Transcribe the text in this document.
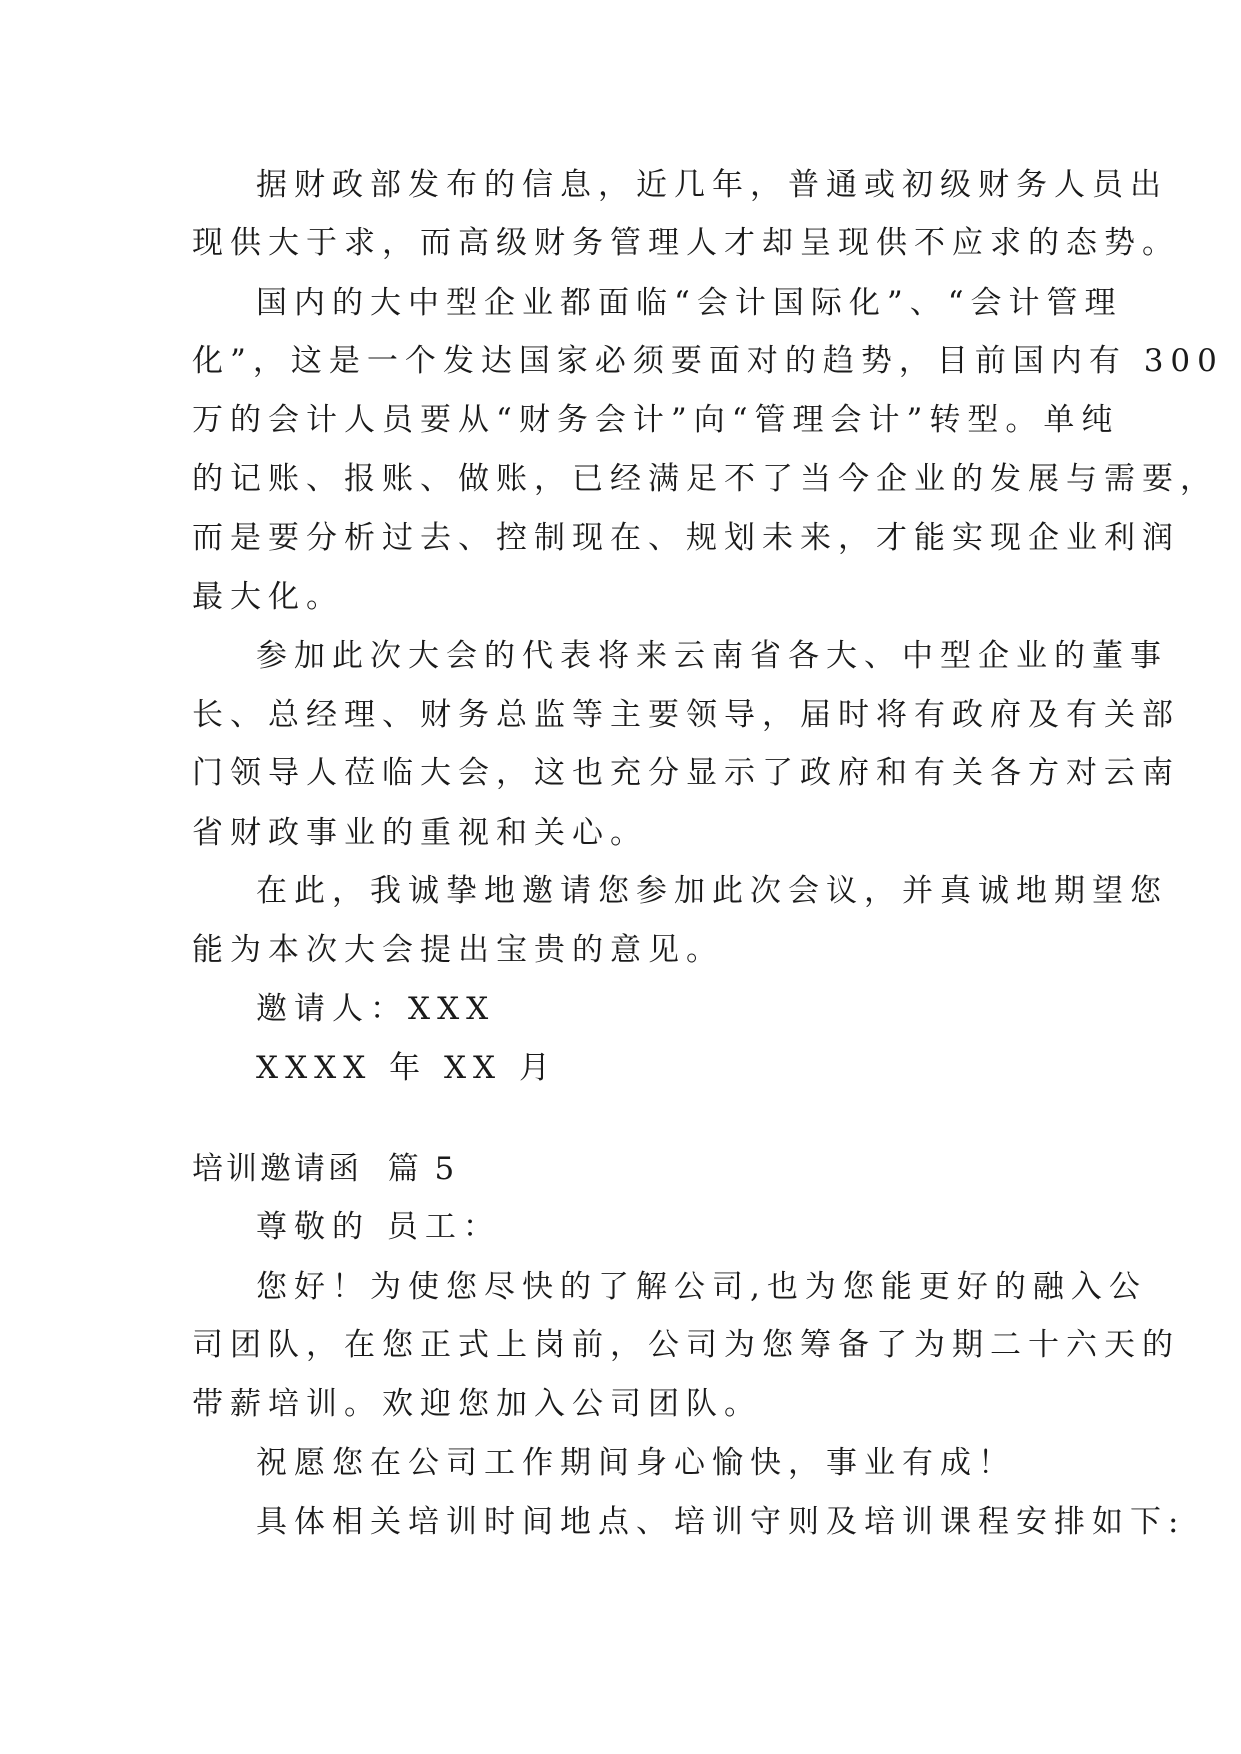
据财政部发布的信息，近几年，普通或初级财务人员出
现供大于求，而高级财务管理人才却呈现供不应求的态势。
国内的大中型企业都面临“会计国际化”、“会计管理
化”，这是一个发达国家必须要面对的趋势，目前国内有 300
万的会计人员要从“财务会计”向“管理会计”转型。单纯
的记账、报账、做账，已经满足不了当今企业的发展与需要，
而是要分析过去、控制现在、规划未来，才能实现企业利润
最大化。
参加此次大会的代表将来云南省各大、中型企业的董事
长、总经理、财务总监等主要领导，届时将有政府及有关部
门领导人莅临大会，这也充分显示了政府和有关各方对云南
省财政事业的重视和关心。
在此，我诚挚地邀请您参加此次会议，并真诚地期望您
能为本次大会提出宝贵的意见。
邀请人：XXX
XXXX 年 XX 月
培训邀请函  篇 5
尊敬的 员工：
您好！为使您尽快的了解公司,也为您能更好的融入公
司团队，在您正式上岗前，公司为您筹备了为期二十六天的
带薪培训。欢迎您加入公司团队。
祝愿您在公司工作期间身心愉快，事业有成！
具体相关培训时间地点、培训守则及培训课程安排如下:
